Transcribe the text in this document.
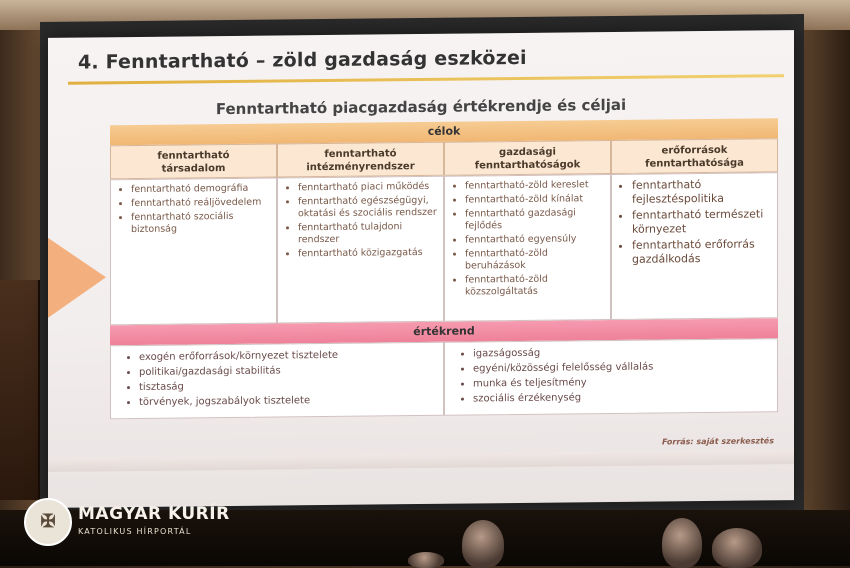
4. Fenntartható – zöld gazdaság eszközei
Fenntartható piacgazdaság értékrendje és céljai
célok
fenntartható
társadalom
fenntartható
intézményrendszer
gazdasági fenntarthatóságok
erőforrások
fenntarthatósága
• fenntartható demográfia
• fenntartható reáljövedelem
• fenntartható szociális biztonság
• fenntartható piaci működés
• fenntartható egészségügyi, oktatási és szociális rendszer
• fenntartható tulajdoni rendszer
• fenntartható közigazgatás
• fenntartható-zöld kereslet
• fenntartható-zöld kínálat
• fenntartható gazdasági fejlődés
• fenntartható egyensúly
• fenntartható-zöld beruházások
• fenntartható-zöld közszolgáltatás
• fenntartható fejlesztéspolitika
• fenntartható természeti környezet
• fenntartható erőforrás gazdálkodás
értékrend
• exogén erőforrások/környezet tisztelete
• politikai/gazdasági stabilitás
• tisztaság
• törvények, jogszabályok tisztelete
• igazságosság
• egyéni/közösségi felelősség vállalás
• munka és teljesítmény
• szociális érzékenység
Forrás: saját szerkesztés
✠	MAGYAR KURÍR
KATOLIKUS HÍRPORTÁL
